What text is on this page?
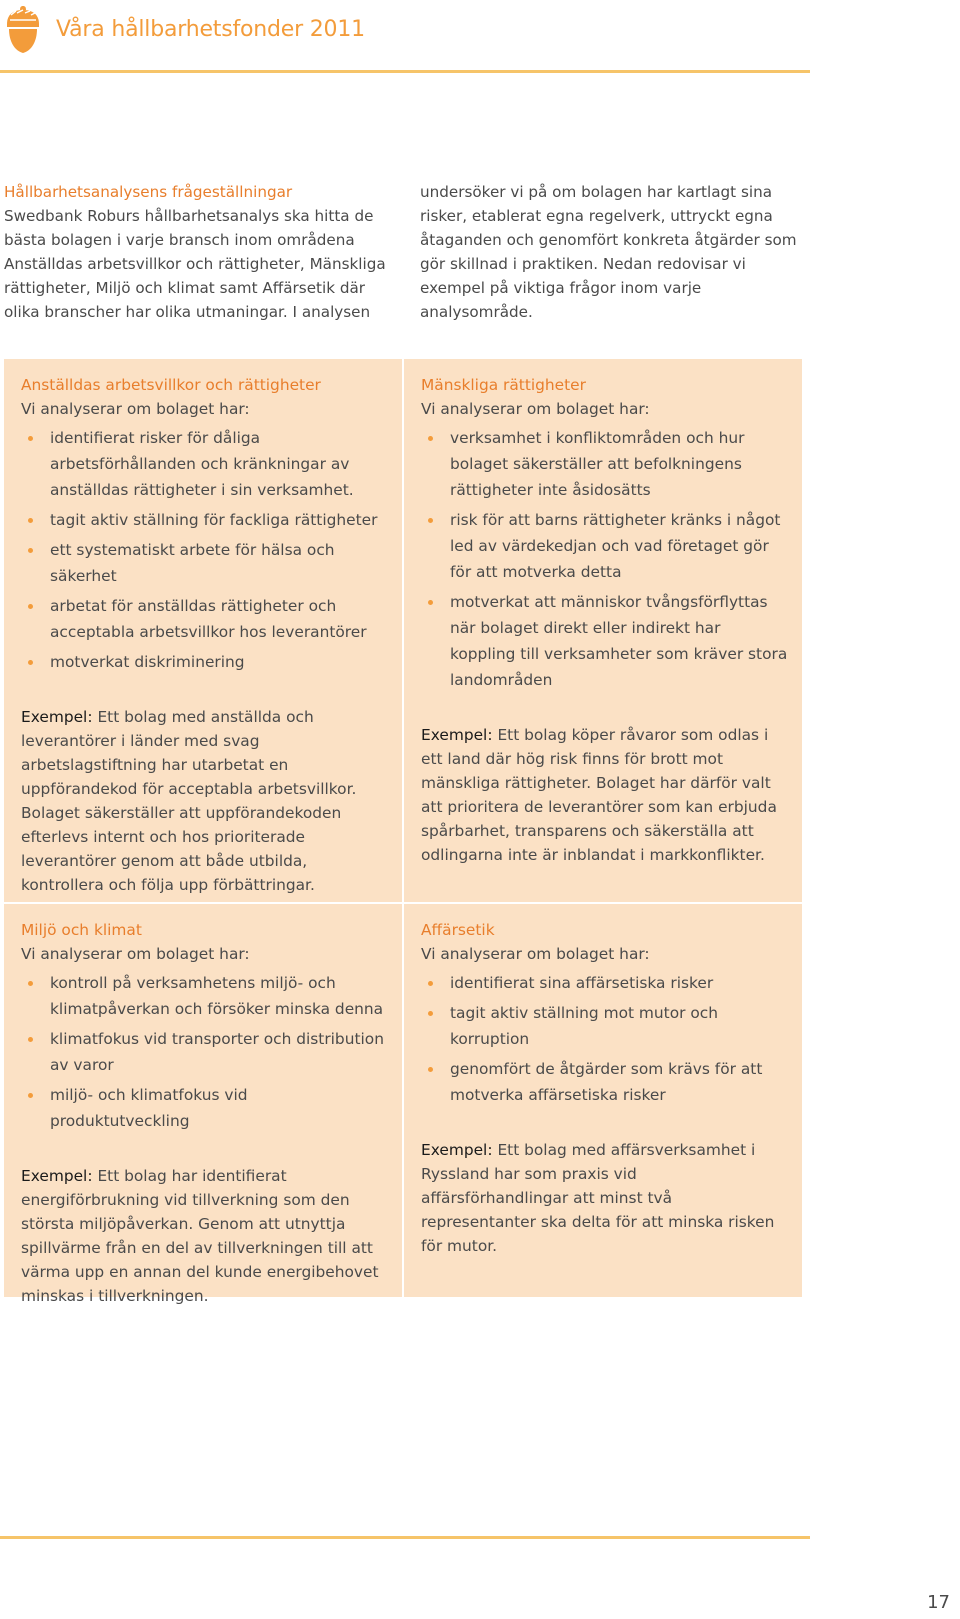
Våra hållbarhetsfonder 2011
Hållbarhetsanalysens frågeställningar
Swedbank Roburs hållbarhetsanalys ska hitta de bästa bolagen i varje bransch inom områdena Anställdas arbetsvillkor och rättigheter, Mänskliga rättigheter, Miljö och klimat samt Affärsetik där olika branscher har olika utmaningar. I analysen
undersöker vi på om bolagen har kartlagt sina risker, etablerat egna regelverk, uttryckt egna åtaganden och genomfört konkreta åtgärder som gör skillnad i praktiken. Nedan redovisar vi exempel på viktiga frågor inom varje analysområde.
Anställdas arbetsvillkor och rättigheter
Vi analyserar om bolaget har:
identifierat risker för dåliga arbetsförhållanden och kränkningar av anställdas rättigheter i sin verksamhet.
tagit aktiv ställning för fackliga rättigheter
ett systematiskt arbete för hälsa och säkerhet
arbetat för anställdas rättigheter och acceptabla arbetsvillkor hos leverantörer
motverkat diskriminering

Exempel: Ett bolag med anställda och leverantörer i länder med svag arbetslagstiftning har utarbetat en uppförandekod för acceptabla arbetsvillkor. Bolaget säkerställer att uppförandekoden efterlevs internt och hos prioriterade leverantörer genom att både utbilda, kontrollera och följa upp förbättringar.

Mänskliga rättigheter
Vi analyserar om bolaget har:
verksamhet i konfliktområden och hur bolaget säkerställer att befolkningens rättigheter inte åsidosätts
risk för att barns rättigheter kränks i något led av värdekedjan och vad företaget gör för att motverka detta
motverkat att människor tvångsförflyttas när bolaget direkt eller indirekt har koppling till verksamheter som kräver stora landområden

Exempel: Ett bolag köper råvaror som odlas i ett land där hög risk finns för brott mot mänskliga rättigheter. Bolaget har därför valt att prioritera de leverantörer som kan erbjuda spårbarhet, transparens och säkerställa att odlingarna inte är inblandat i markkonflikter.

Miljö och klimat
Vi analyserar om bolaget har:
kontroll på verksamhetens miljö- och klimatpåverkan och försöker minska denna
klimatfokus vid transporter och distribution av varor
miljö- och klimatfokus vid produktutveckling

Exempel: Ett bolag har identifierat energiförbrukning vid tillverkning som den största miljöpåverkan. Genom att utnyttja spillvärme från en del av tillverkningen till att värma upp en annan del kunde energibehovet minskas i tillverkningen.

Affärsetik
Vi analyserar om bolaget har:
identifierat sina affärsetiska risker
tagit aktiv ställning mot mutor och korruption
genomfört de åtgärder som krävs för att motverka affärsetiska risker

Exempel: Ett bolag med affärsverksamhet i Ryssland har som praxis vid affärsförhandlingar att minst två representanter ska delta för att minska risken för mutor.

17
